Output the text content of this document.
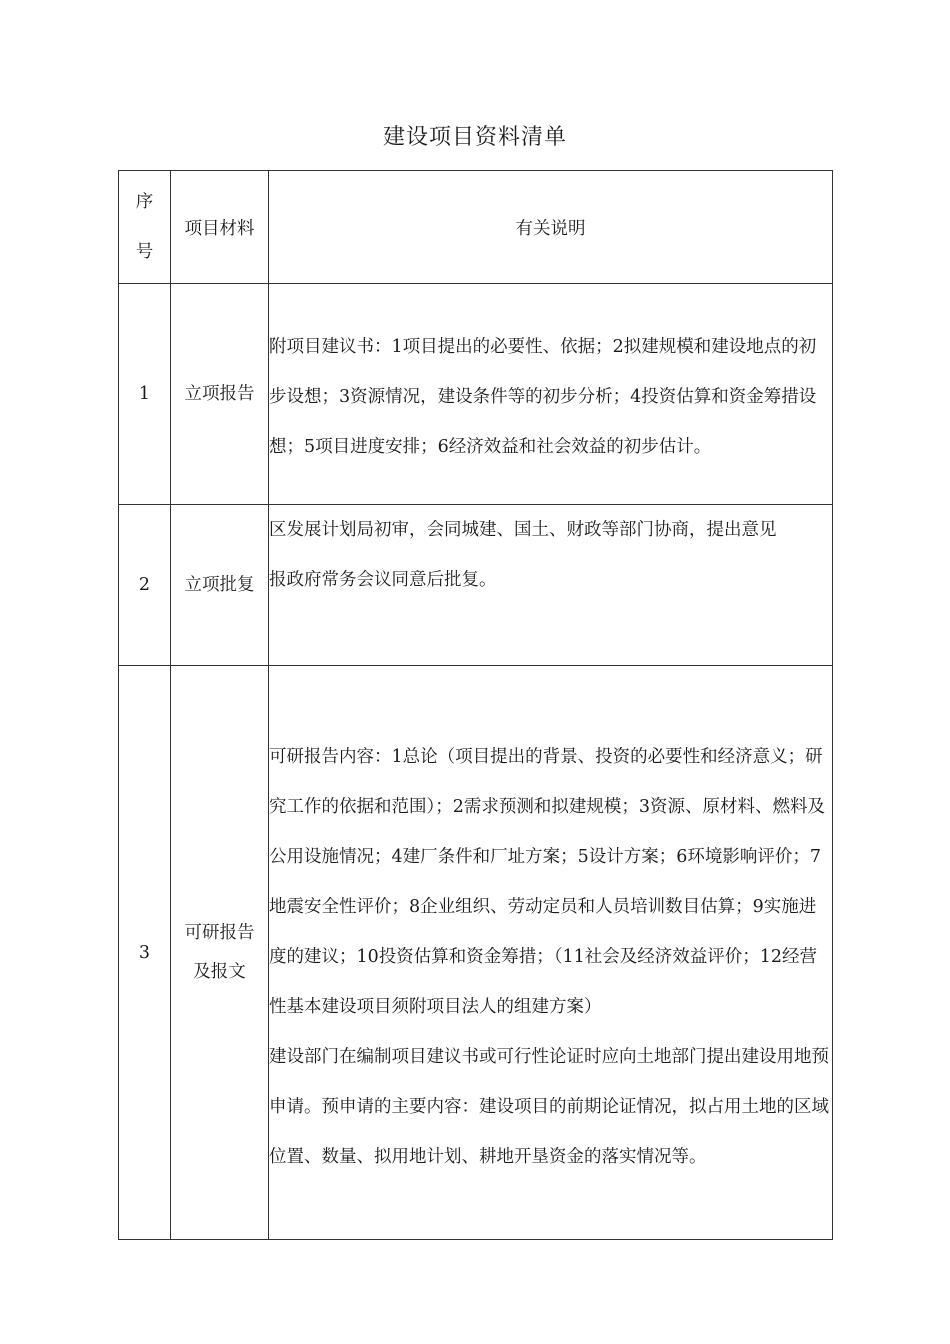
建设项目资料清单
序号	项目材料	有关说明
1	立项报告	附项目建议书：1项目提出的必要性、依据；2拟建规模和建设地点的初步设想；3资源情况，建设条件等的初步分析；4投资估算和资金筹措设想；5项目进度安排；6经济效益和社会效益的初步估计。

2	立项批复	区发展计划局初审，会同城建、国土、财政等部门协商，提出意见

报政府常务会议同意后批复。

3	可研报告及报文	可研报告内容：1总论（项目提出的背景、投资的必要性和经济意义；研究工作的依据和范围）；2需求预测和拟建规模；3资源、原材料、燃料及公用设施情况；4建厂条件和厂址方案；5设计方案；6环境影响评价；7地震安全性评价；8企业组织、劳动定员和人员培训数目估算；9实施进度的建议；10投资估算和资金筹措；（11社会及经济效益评价；12经营性基本建设项目须附项目法人的组建方案）

建设部门在编制项目建议书或可行性论证时应向土地部门提出建设用地预申请。预申请的主要内容：建设项目的前期论证情况，拟占用土地的区域位置、数量、拟用地计划、耕地开垦资金的落实情况等。
